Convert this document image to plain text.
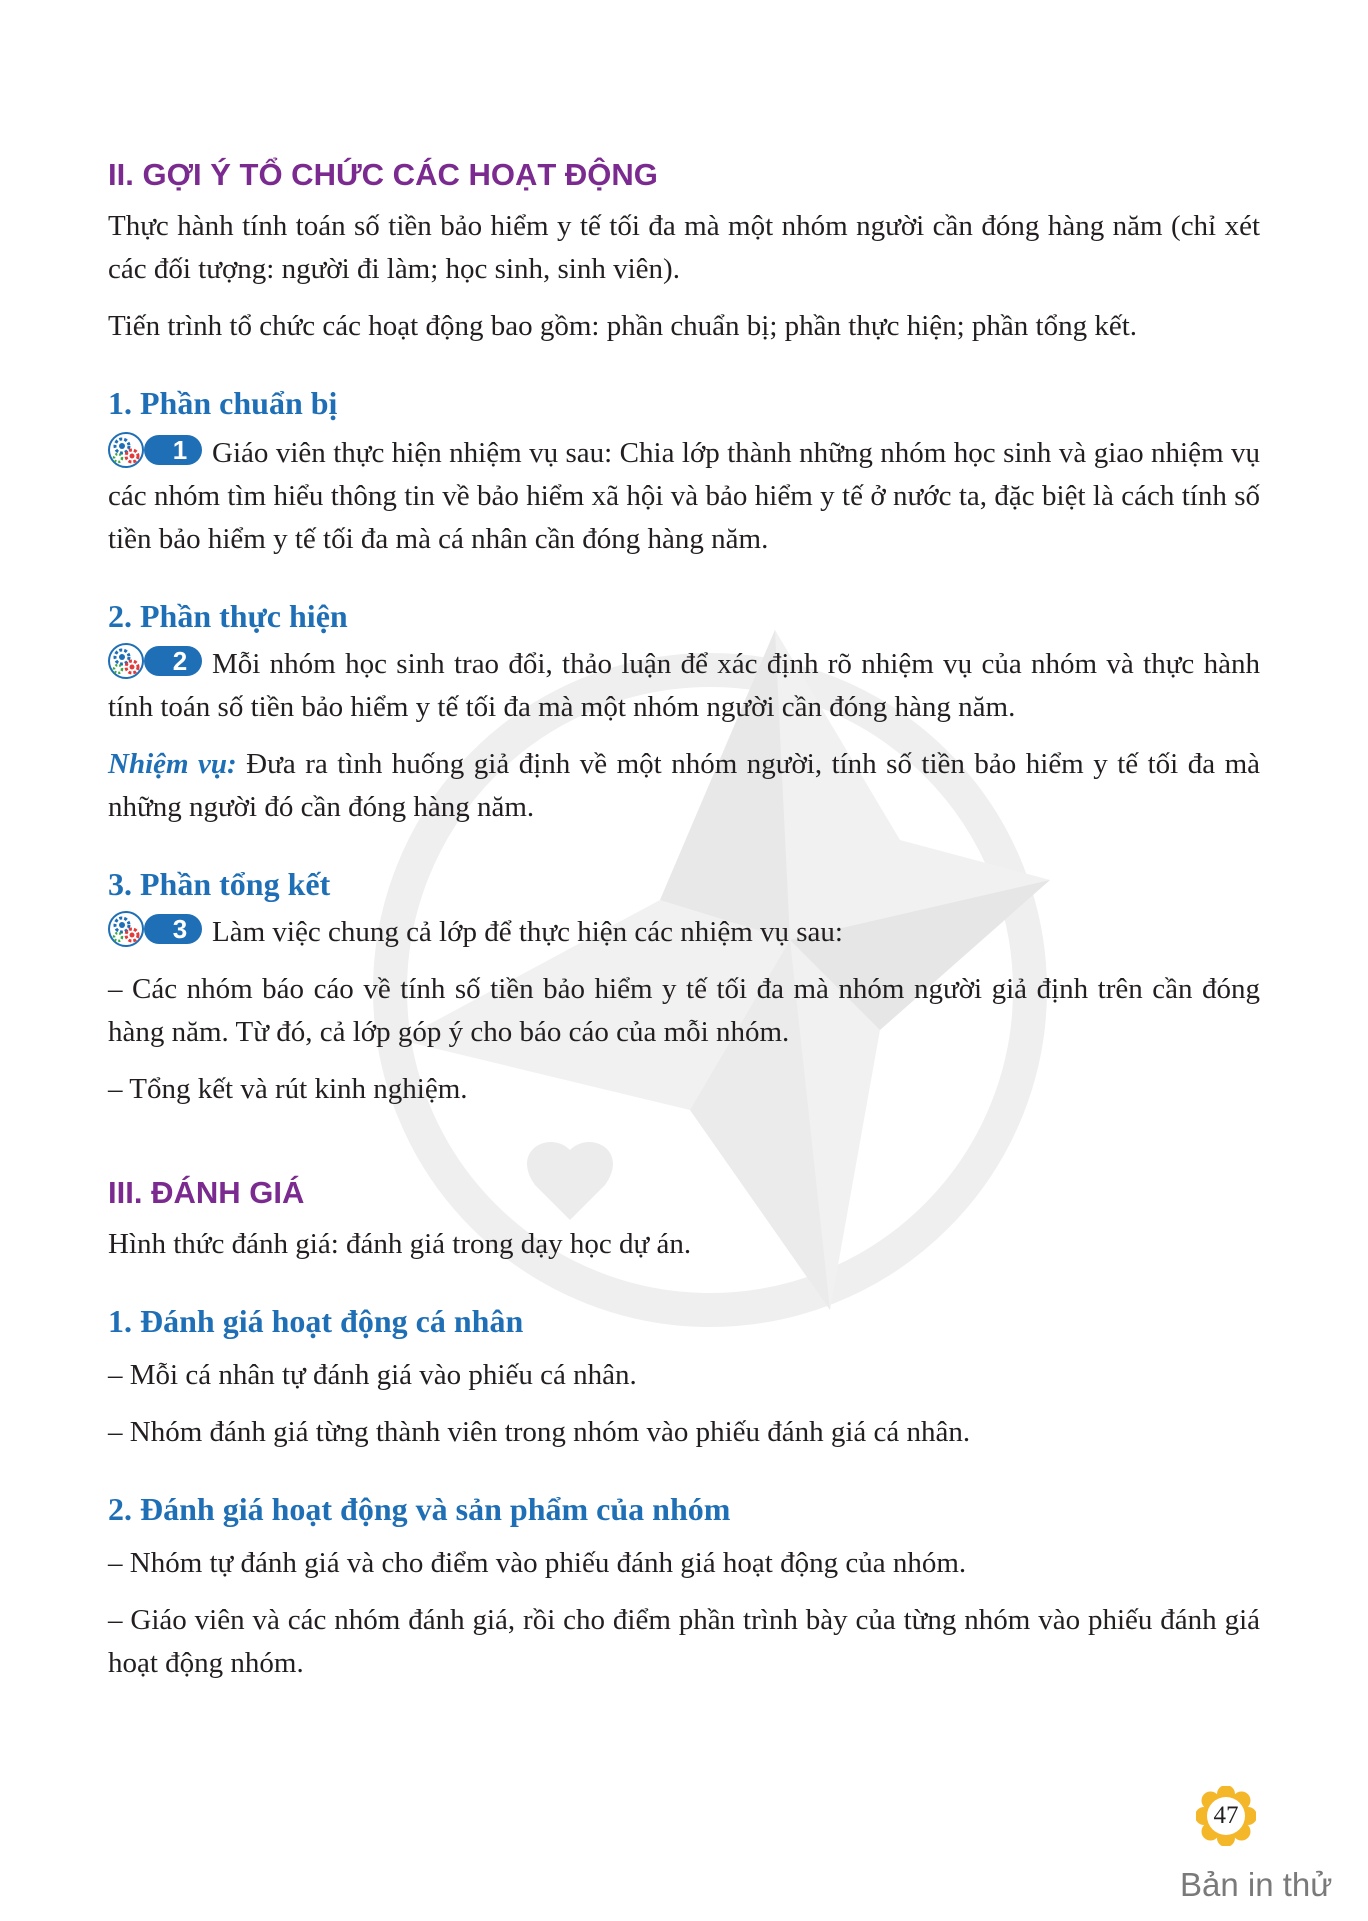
II. GỢI Ý TỔ CHỨC CÁC HOẠT ĐỘNG

Thực hành tính toán số tiền bảo hiểm y tế tối đa mà một nhóm người cần đóng hàng năm (chỉ xét các đối tượng: người đi làm; học sinh, sinh viên).

Tiến trình tổ chức các hoạt động bao gồm: phần chuẩn bị; phần thực hiện; phần tổng kết.

1. Phần chuẩn bị

1 Giáo viên thực hiện nhiệm vụ sau: Chia lớp thành những nhóm học sinh và giao nhiệm vụ các nhóm tìm hiểu thông tin về bảo hiểm xã hội và bảo hiểm y tế ở nước ta, đặc biệt là cách tính số tiền bảo hiểm y tế tối đa mà cá nhân cần đóng hàng năm.

2. Phần thực hiện

2 Mỗi nhóm học sinh trao đổi, thảo luận để xác định rõ nhiệm vụ của nhóm và thực hành tính toán số tiền bảo hiểm y tế tối đa mà một nhóm người cần đóng hàng năm.

Nhiệm vụ: Đưa ra tình huống giả định về một nhóm người, tính số tiền bảo hiểm y tế tối đa mà những người đó cần đóng hàng năm.

3. Phần tổng kết

3 Làm việc chung cả lớp để thực hiện các nhiệm vụ sau:

– Các nhóm báo cáo về tính số tiền bảo hiểm y tế tối đa mà nhóm người giả định trên cần đóng hàng năm. Từ đó, cả lớp góp ý cho báo cáo của mỗi nhóm.

– Tổng kết và rút kinh nghiệm.

III. ĐÁNH GIÁ

Hình thức đánh giá: đánh giá trong dạy học dự án.

1. Đánh giá hoạt động cá nhân

– Mỗi cá nhân tự đánh giá vào phiếu cá nhân.

– Nhóm đánh giá từng thành viên trong nhóm vào phiếu đánh giá cá nhân.

2. Đánh giá hoạt động và sản phẩm của nhóm

– Nhóm tự đánh giá và cho điểm vào phiếu đánh giá hoạt động của nhóm.

– Giáo viên và các nhóm đánh giá, rồi cho điểm phần trình bày của từng nhóm vào phiếu đánh giá hoạt động nhóm.

47
Bản in thử
